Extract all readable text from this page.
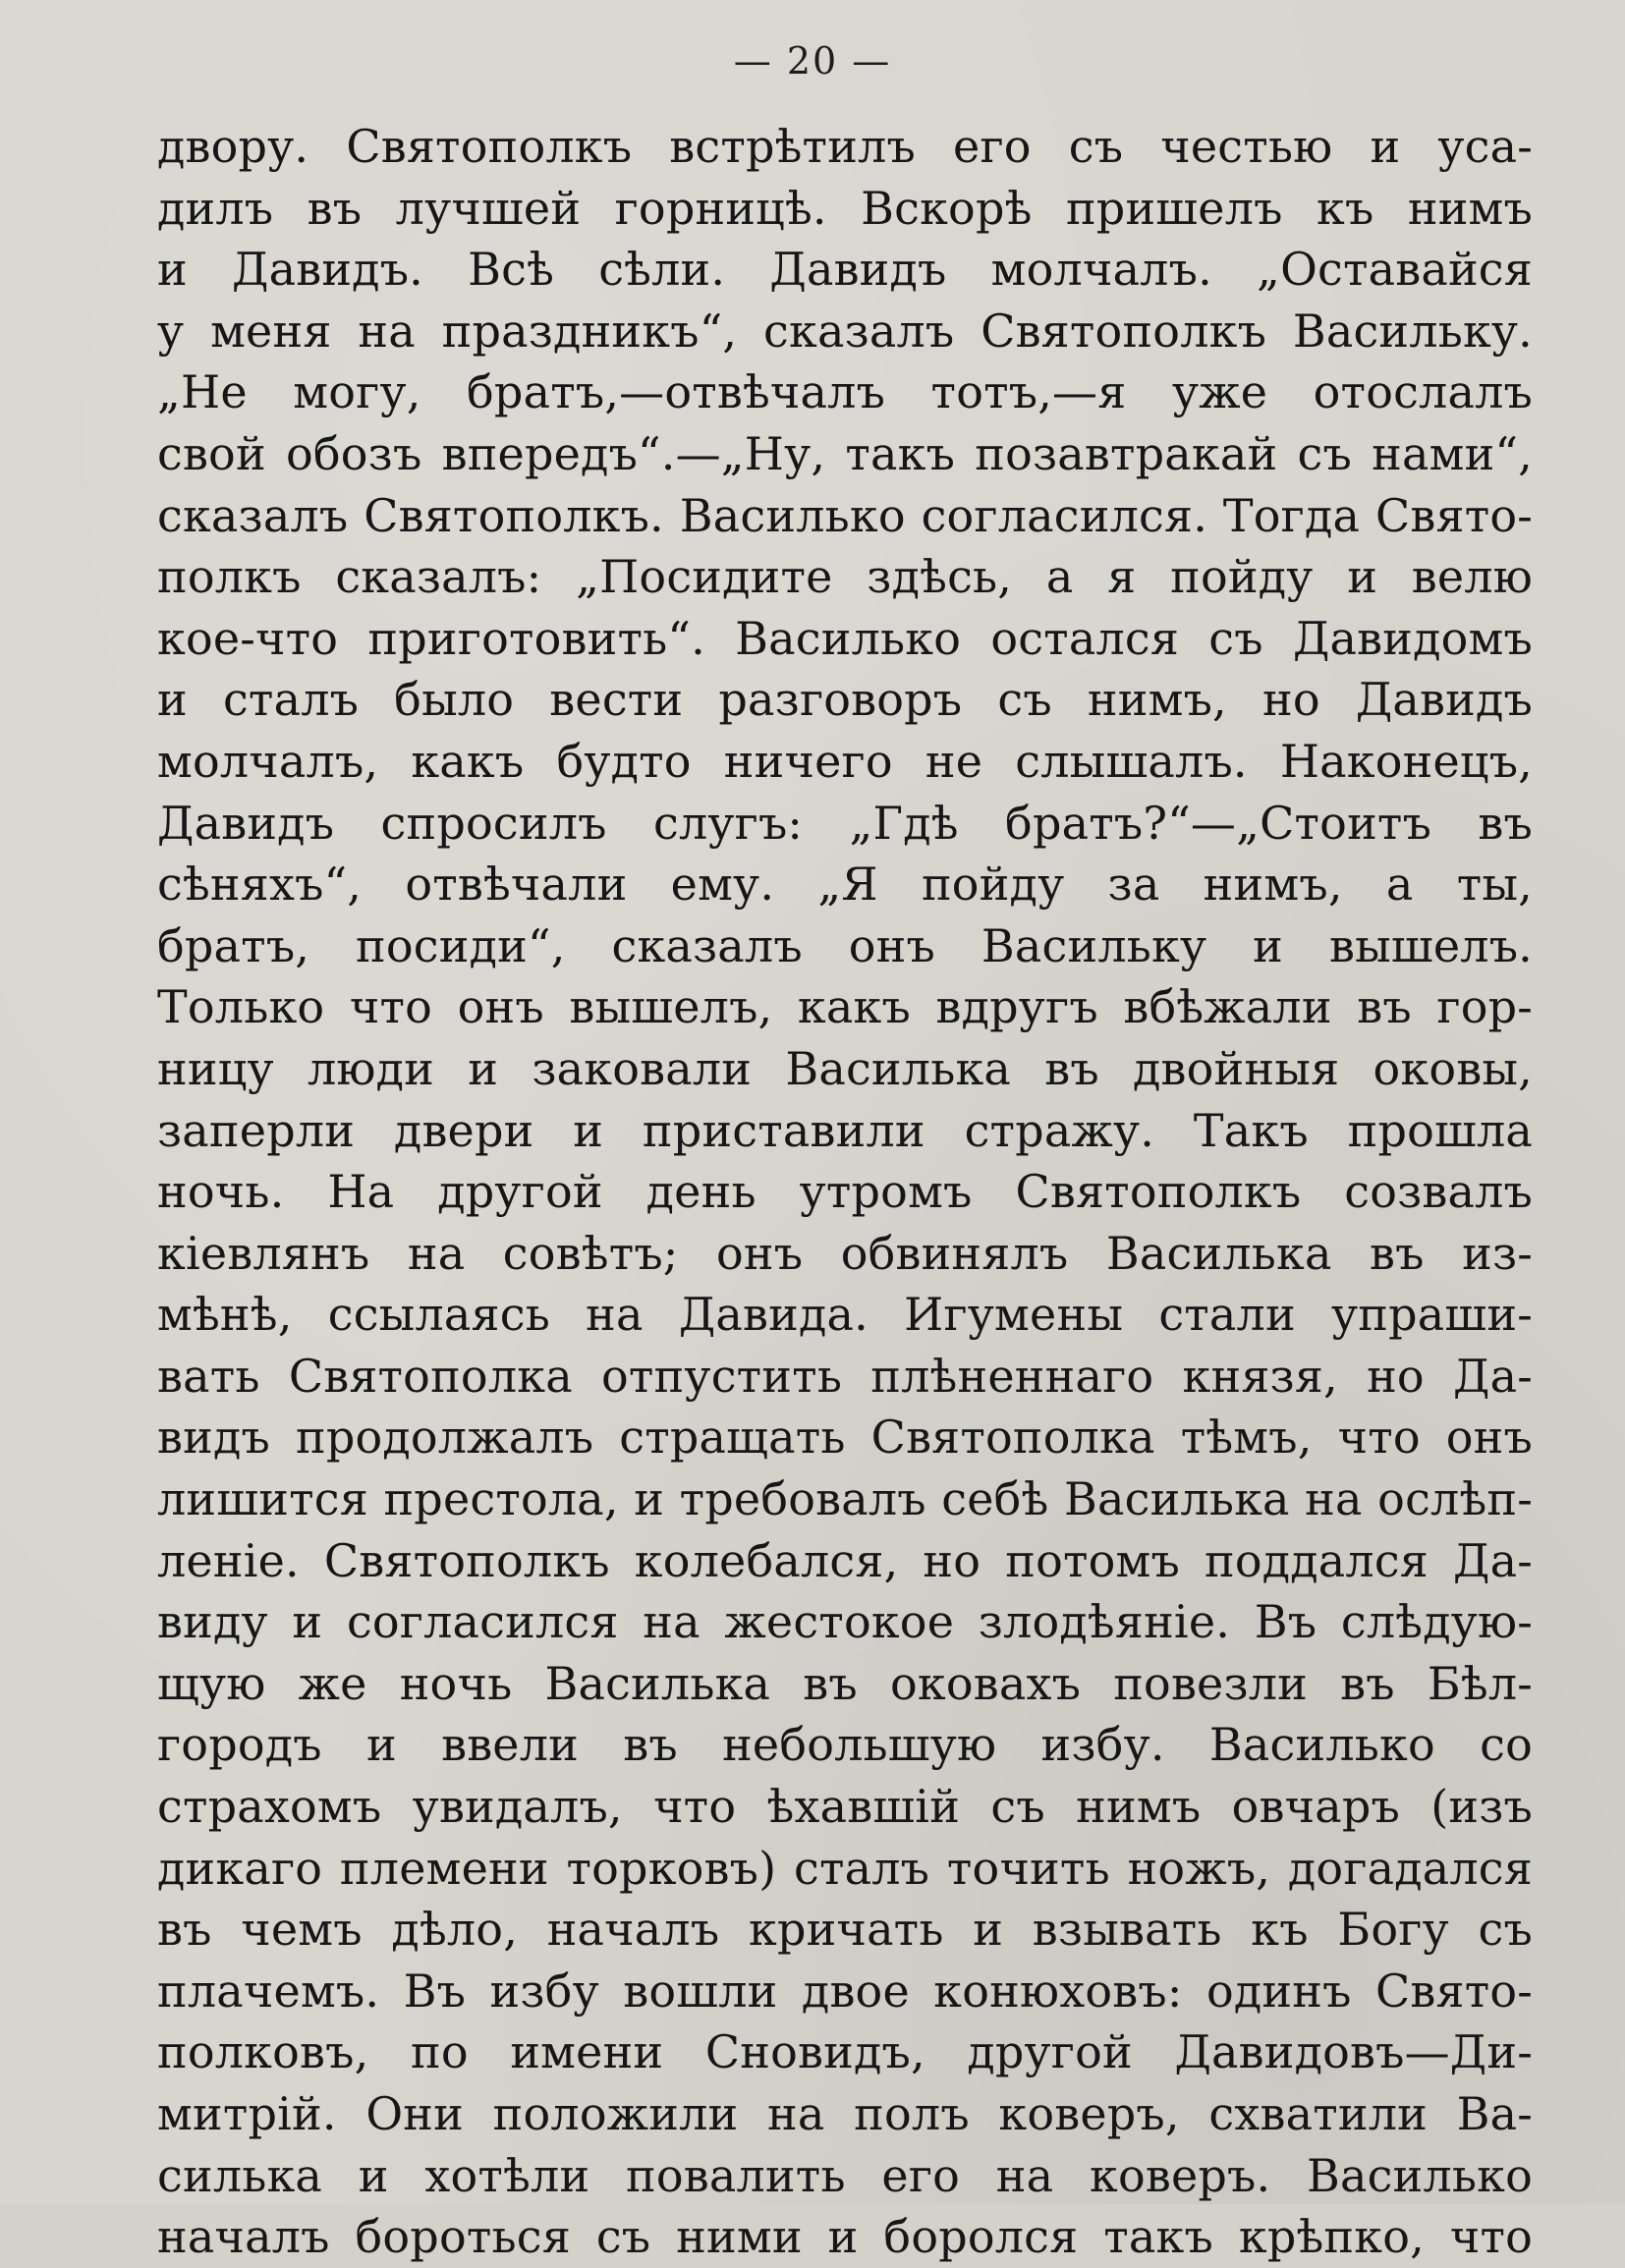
— 20 —
двору. Святополкъ встрѣтилъ его съ честью и уса-
дилъ въ лучшей горницѣ. Вскорѣ пришелъ къ нимъ
и Давидъ. Всѣ сѣли. Давидъ молчалъ. „Оставайся
у меня на праздникъ“, сказалъ Святополкъ Васильку.
„Не могу, братъ,—отвѣчалъ тотъ,—я уже отослалъ
свой обозъ впередъ“.—„Ну, такъ позавтракай съ нами“,
сказалъ Святополкъ. Василько согласился. Тогда Свято-
полкъ сказалъ: „Посидите здѣсь, а я пойду и велю
кое-что приготовить“. Василько остался съ Давидомъ
и сталъ было вести разговоръ съ нимъ, но Давидъ
молчалъ, какъ будто ничего не слышалъ. Наконецъ,
Давидъ спросилъ слугъ: „Гдѣ братъ?“—„Стоитъ въ
сѣняхъ“, отвѣчали ему. „Я пойду за нимъ, а ты,
братъ, посиди“, сказалъ онъ Васильку и вышелъ.
Только что онъ вышелъ, какъ вдругъ вбѣжали въ гор-
ницу люди и заковали Василька въ двойныя оковы,
заперли двери и приставили стражу. Такъ прошла
ночь. На другой день утромъ Святополкъ созвалъ
кіевлянъ на совѣтъ; онъ обвинялъ Василька въ из-
мѣнѣ, ссылаясь на Давида. Игумены стали упраши-
вать Святополка отпустить плѣненнаго князя, но Да-
видъ продолжалъ стращать Святополка тѣмъ, что онъ
лишится престола, и требовалъ себѣ Василька на ослѣп-
леніе. Святополкъ колебался, но потомъ поддался Да-
виду и согласился на жестокое злодѣяніе. Въ слѣдую-
щую же ночь Василька въ оковахъ повезли въ Бѣл-
городъ и ввели въ небольшую избу. Василько со
страхомъ увидалъ, что ѣхавшій съ нимъ овчаръ (изъ
дикаго племени торковъ) сталъ точить ножъ, догадался
въ чемъ дѣло, началъ кричать и взывать къ Богу съ
плачемъ. Въ избу вошли двое конюховъ: одинъ Свято-
полковъ, по имени Сновидъ, другой Давидовъ—Ди-
митрій. Они положили на полъ коверъ, схватили Ва-
силька и хотѣли повалить его на коверъ. Василько
началъ бороться съ ними и боролся такъ крѣпко, что
